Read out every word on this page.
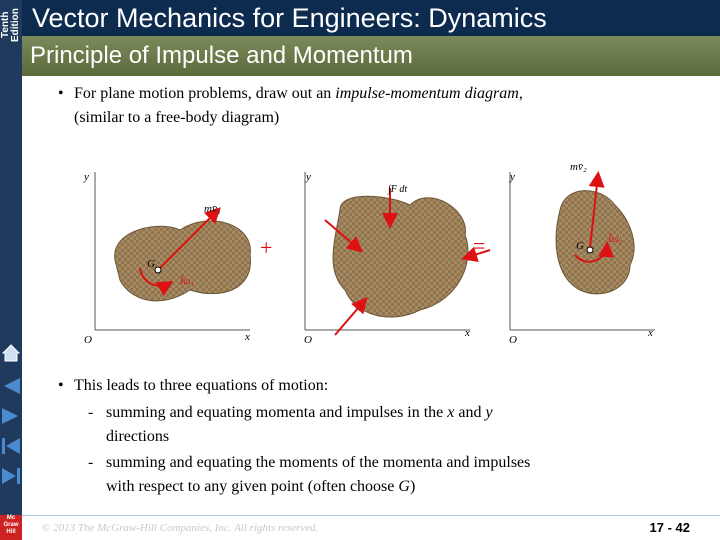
Tenth Edition Vector Mechanics for Engineers: Dynamics
Principle of Impulse and Momentum
• For plane motion problems, draw out an impulse-momentum diagram,
(similar to a free-body diagram)
y
x
O
mv̄₁
G
Īω₁
+
y
x
O
∫F dt
=
y
x
O
mv̄₂
G
Īω₂
• This leads to three equations of motion:
- summing and equating momenta and impulses in the x and y
directions
- summing and equating the moments of the momenta and impulses
with respect to any given point (often choose G)
Mc
Graw
Hill	© 2013 The McGraw-Hill Companies, Inc. All rights reserved.	17 - 42
